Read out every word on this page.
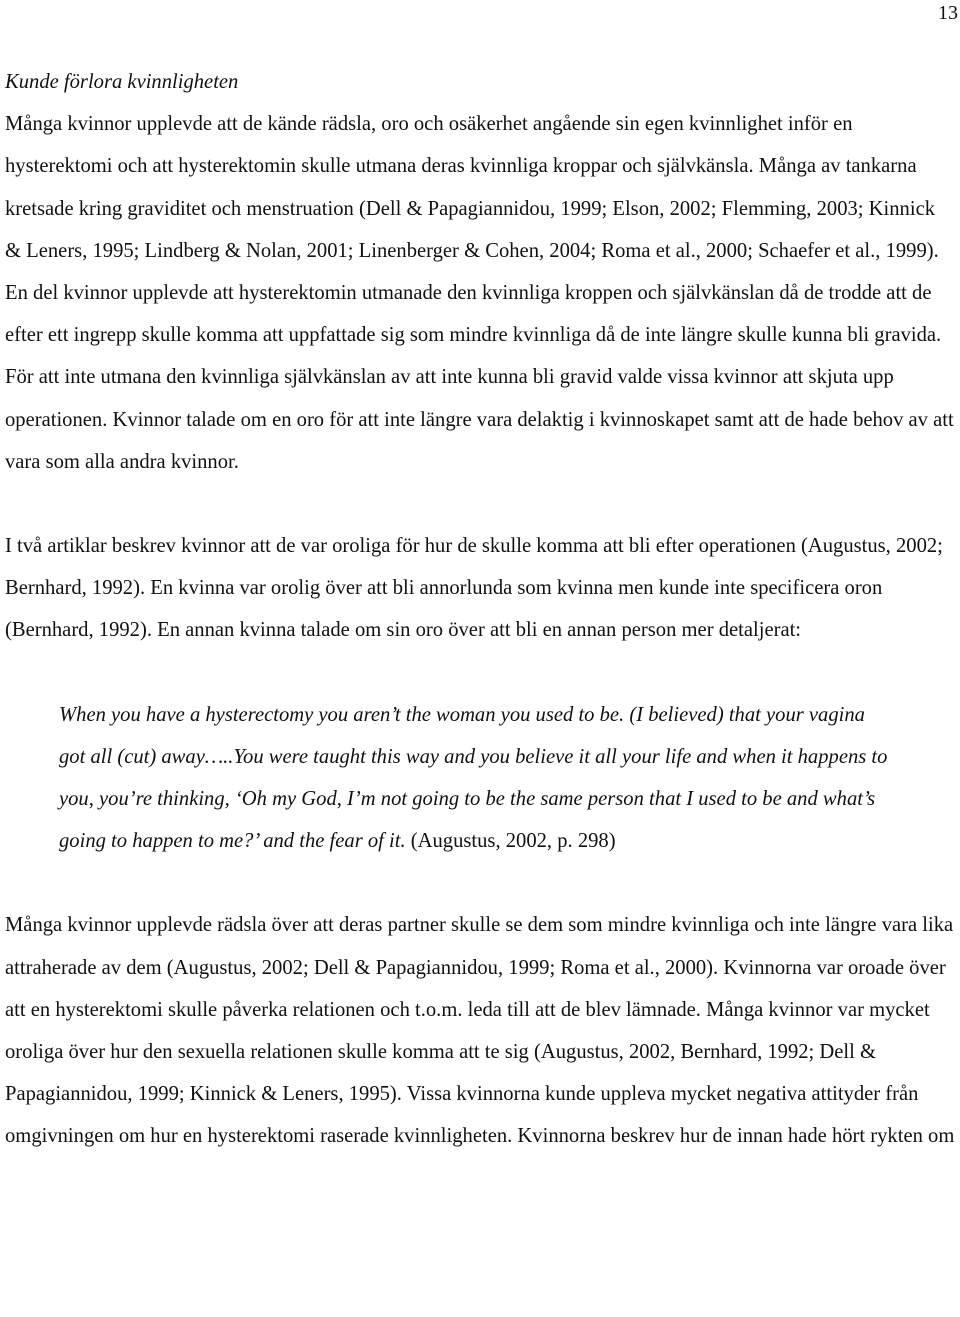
13

Kunde förlora kvinnligheten

Många kvinnor upplevde att de kände rädsla, oro och osäkerhet angående sin egen kvinnlighet inför en hysterektomi och att hysterektomin skulle utmana deras kvinnliga kroppar och självkänsla. Många av tankarna kretsade kring graviditet och menstruation (Dell & Papagiannidou, 1999; Elson, 2002; Flemming, 2003; Kinnick & Leners, 1995; Lindberg & Nolan, 2001; Linenberger & Cohen, 2004; Roma et al., 2000; Schaefer et al., 1999). En del kvinnor upplevde att hysterektomin utmanade den kvinnliga kroppen och självkänslan då de trodde att de efter ett ingrepp skulle komma att uppfattade sig som mindre kvinnliga då de inte längre skulle kunna bli gravida. För att inte utmana den kvinnliga självkänslan av att inte kunna bli gravid valde vissa kvinnor att skjuta upp operationen. Kvinnor talade om en oro för att inte längre vara delaktig i kvinnoskapet samt att de hade behov av att vara som alla andra kvinnor.

I två artiklar beskrev kvinnor att de var oroliga för hur de skulle komma att bli efter operationen (Augustus, 2002; Bernhard, 1992). En kvinna var orolig över att bli annorlunda som kvinna men kunde inte specificera oron (Bernhard, 1992). En annan kvinna talade om sin oro över att bli en annan person mer detaljerat:

When you have a hysterectomy you aren’t the woman you used to be. (I believed) that your vagina got all (cut) away…..You were taught this way and you believe it all your life and when it happens to you, you’re thinking, ‘Oh my God, I’m not going to be the same person that I used to be and what’s going to happen to me?’ and the fear of it. (Augustus, 2002, p. 298)

Många kvinnor upplevde rädsla över att deras partner skulle se dem som mindre kvinnliga och inte längre vara lika attraherade av dem (Augustus, 2002; Dell & Papagiannidou, 1999; Roma et al., 2000). Kvinnorna var oroade över att en hysterektomi skulle påverka relationen och t.o.m. leda till att de blev lämnade. Många kvinnor var mycket oroliga över hur den sexuella relationen skulle komma att te sig (Augustus, 2002, Bernhard, 1992; Dell & Papagiannidou, 1999; Kinnick & Leners, 1995). Vissa kvinnorna kunde uppleva mycket negativa attityder från omgivningen om hur en hysterektomi raserade kvinnligheten. Kvinnorna beskrev hur de innan hade hört rykten om
